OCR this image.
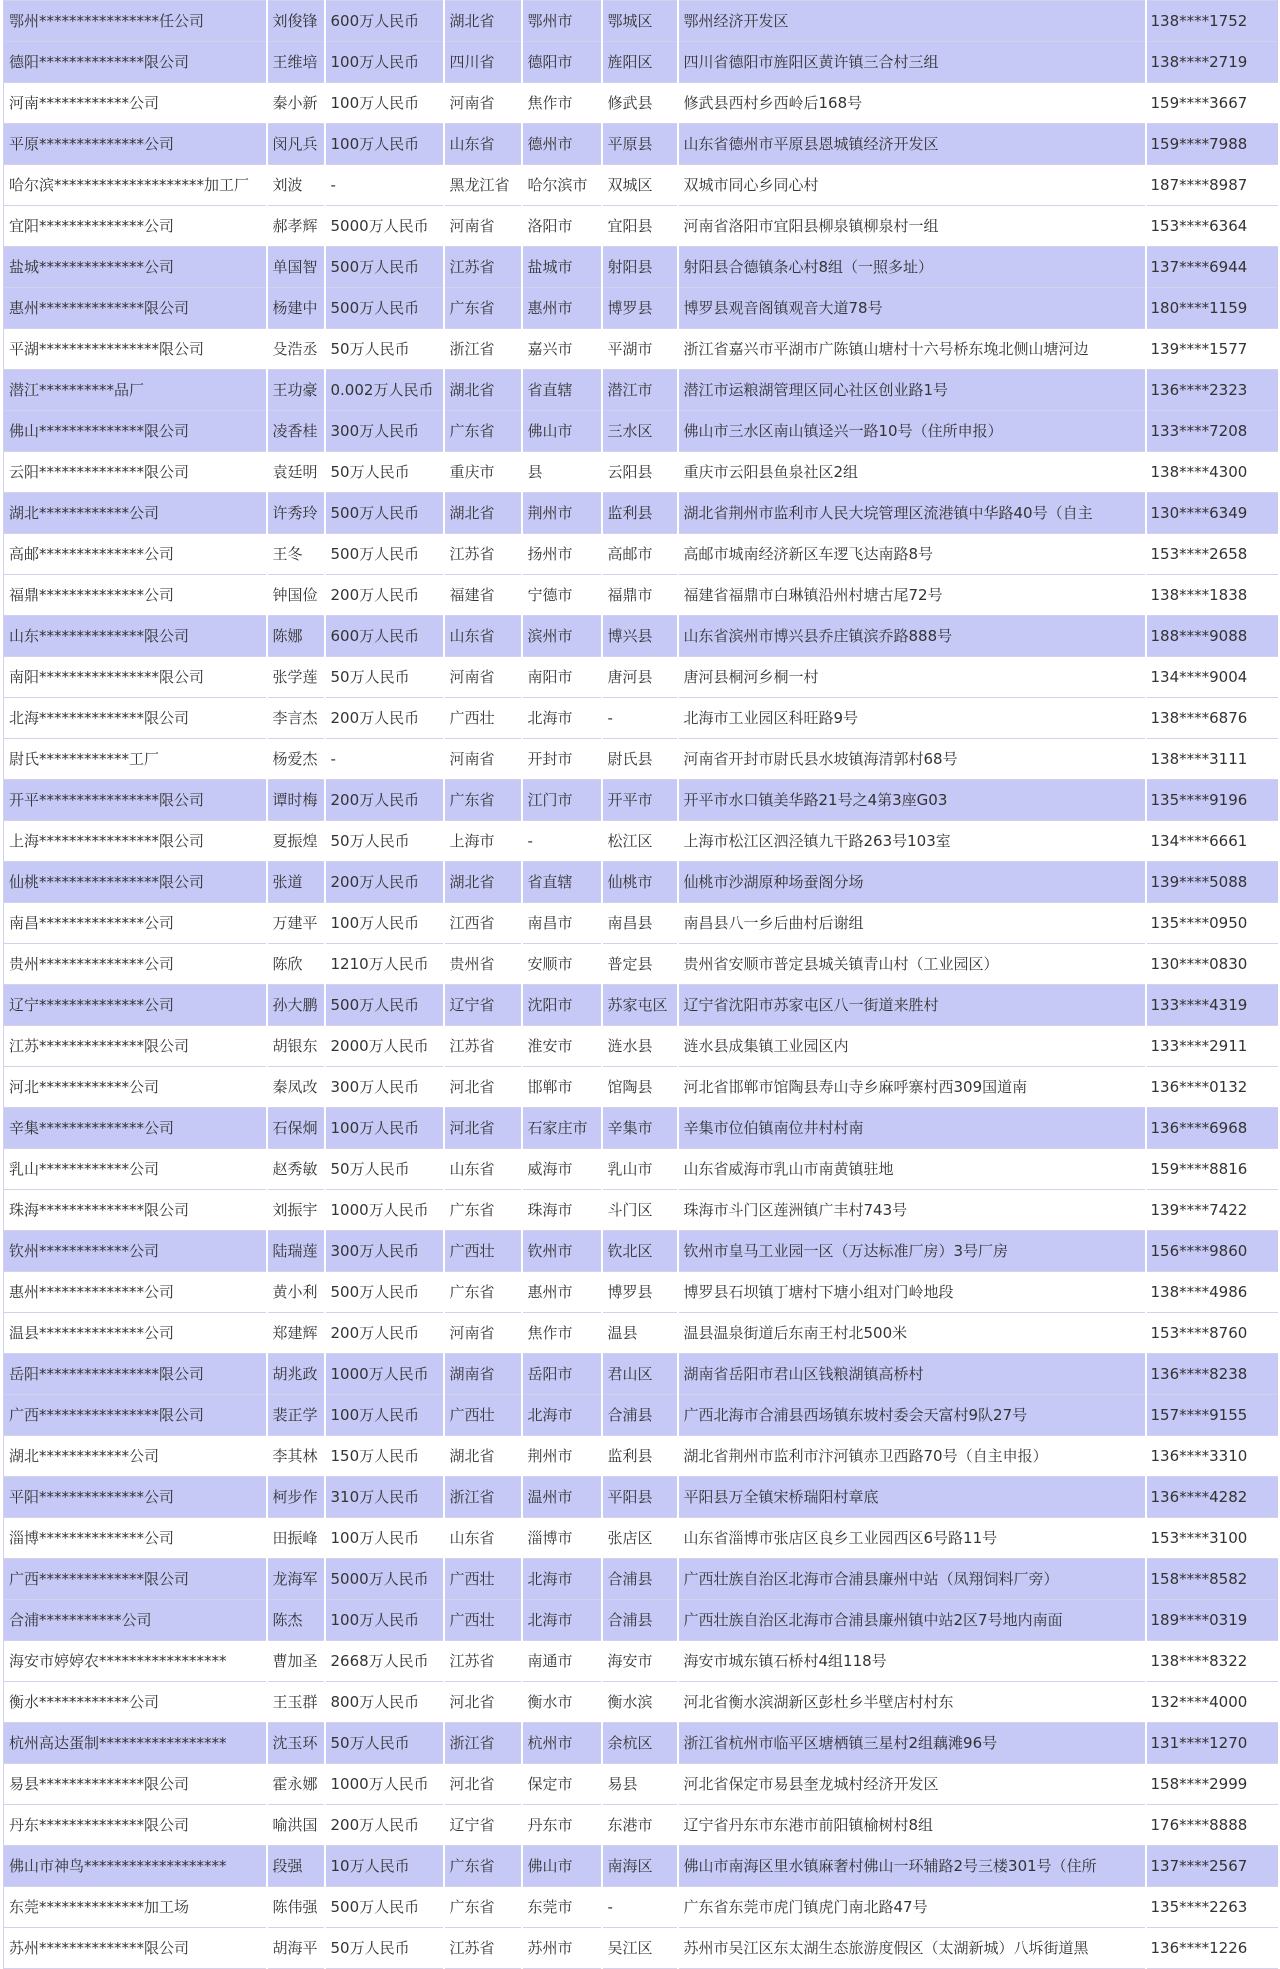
鄂州****************任公司	刘俊锋	600万人民币	湖北省	鄂州市	鄂城区	鄂州经济开发区	138****1752
德阳**************限公司	王维培	100万人民币	四川省	德阳市	旌阳区	四川省德阳市旌阳区黄许镇三合村三组	138****2719
河南************公司	秦小新	100万人民币	河南省	焦作市	修武县	修武县西村乡西岭后168号	159****3667
平原**************公司	闵凡兵	100万人民币	山东省	德州市	平原县	山东省德州市平原县恩城镇经济开发区	159****7988
哈尔滨********************加工厂	刘波	-	黑龙江省	哈尔滨市	双城区	双城市同心乡同心村	187****8987
宜阳**************公司	郝孝辉	5000万人民币	河南省	洛阳市	宜阳县	河南省洛阳市宜阳县柳泉镇柳泉村一组	153****6364
盐城**************公司	单国智	500万人民币	江苏省	盐城市	射阳县	射阳县合德镇条心村8组（一照多址）	137****6944
惠州**************限公司	杨建中	500万人民币	广东省	惠州市	博罗县	博罗县观音阁镇观音大道78号	180****1159
平湖****************限公司	殳浩丞	50万人民币	浙江省	嘉兴市	平湖市	浙江省嘉兴市平湖市广陈镇山塘村十六号桥东堍北侧山塘河边	139****1577
潜江**********品厂	王功豪	0.002万人民币	湖北省	省直辖	潜江市	潜江市运粮湖管理区同心社区创业路1号	136****2323
佛山**************限公司	凌香桂	300万人民币	广东省	佛山市	三水区	佛山市三水区南山镇迳兴一路10号（住所申报）	133****7208
云阳**************限公司	袁廷明	50万人民币	重庆市	县	云阳县	重庆市云阳县鱼泉社区2组	138****4300
湖北************公司	许秀玲	500万人民币	湖北省	荆州市	监利县	湖北省荆州市监利市人民大垸管理区流港镇中华路40号（自主	130****6349
高邮**************公司	王冬	500万人民币	江苏省	扬州市	高邮市	高邮市城南经济新区车逻飞达南路8号	153****2658
福鼎**************公司	钟国俭	200万人民币	福建省	宁德市	福鼎市	福建省福鼎市白琳镇沿州村塘古尾72号	138****1838
山东**************限公司	陈娜	600万人民币	山东省	滨州市	博兴县	山东省滨州市博兴县乔庄镇滨乔路888号	188****9088
南阳****************限公司	张学莲	50万人民币	河南省	南阳市	唐河县	唐河县桐河乡桐一村	134****9004
北海**************限公司	李言杰	200万人民币	广西壮	北海市	-	北海市工业园区科旺路9号	138****6876
尉氏************工厂	杨爱杰	-	河南省	开封市	尉氏县	河南省开封市尉氏县水坡镇海清郭村68号	138****3111
开平****************限公司	谭时梅	200万人民币	广东省	江门市	开平市	开平市水口镇美华路21号之4第3座G03	135****9196
上海****************限公司	夏振煌	50万人民币	上海市	-	松江区	上海市松江区泗泾镇九干路263号103室	134****6661
仙桃****************限公司	张道	200万人民币	湖北省	省直辖	仙桃市	仙桃市沙湖原种场蚕阁分场	139****5088
南昌**************公司	万建平	100万人民币	江西省	南昌市	南昌县	南昌县八一乡后曲村后谢组	135****0950
贵州**************公司	陈欣	1210万人民币	贵州省	安顺市	普定县	贵州省安顺市普定县城关镇青山村（工业园区）	130****0830
辽宁**************公司	孙大鹏	500万人民币	辽宁省	沈阳市	苏家屯区	辽宁省沈阳市苏家屯区八一街道来胜村	133****4319
江苏**************限公司	胡银东	2000万人民币	江苏省	淮安市	涟水县	涟水县成集镇工业园区内	133****2911
河北************公司	秦凤改	300万人民币	河北省	邯郸市	馆陶县	河北省邯郸市馆陶县寿山寺乡麻呼寨村西309国道南	136****0132
辛集**************公司	石保炯	100万人民币	河北省	石家庄市	辛集市	辛集市位伯镇南位井村村南	136****6968
乳山************公司	赵秀敏	50万人民币	山东省	威海市	乳山市	山东省威海市乳山市南黄镇驻地	159****8816
珠海**************限公司	刘振宇	1000万人民币	广东省	珠海市	斗门区	珠海市斗门区莲洲镇广丰村743号	139****7422
钦州************公司	陆瑞莲	300万人民币	广西壮	钦州市	钦北区	钦州市皇马工业园一区（万达标准厂房）3号厂房	156****9860
惠州**************公司	黄小利	500万人民币	广东省	惠州市	博罗县	博罗县石坝镇丁塘村下塘小组对门岭地段	138****4986
温县**************公司	郑建辉	200万人民币	河南省	焦作市	温县	温县温泉街道后东南王村北500米	153****8760
岳阳****************限公司	胡兆政	1000万人民币	湖南省	岳阳市	君山区	湖南省岳阳市君山区钱粮湖镇高桥村	136****8238
广西****************限公司	裴正学	100万人民币	广西壮	北海市	合浦县	广西北海市合浦县西场镇东坡村委会天富村9队27号	157****9155
湖北************公司	李其林	150万人民币	湖北省	荆州市	监利县	湖北省荆州市监利市汴河镇赤卫西路70号（自主申报）	136****3310
平阳**************公司	柯步作	310万人民币	浙江省	温州市	平阳县	平阳县万全镇宋桥瑞阳村章底	136****4282
淄博**************公司	田振峰	100万人民币	山东省	淄博市	张店区	山东省淄博市张店区良乡工业园西区6号路11号	153****3100
广西**************限公司	龙海军	5000万人民币	广西壮	北海市	合浦县	广西壮族自治区北海市合浦县廉州中站（凤翔饲料厂旁）	158****8582
合浦***********公司	陈杰	100万人民币	广西壮	北海市	合浦县	广西壮族自治区北海市合浦县廉州镇中站2区7号地内南面	189****0319
海安市婷婷农*****************	曹加圣	2668万人民币	江苏省	南通市	海安市	海安市城东镇石桥村4组118号	138****8322
衡水************公司	王玉群	800万人民币	河北省	衡水市	衡水滨	河北省衡水滨湖新区彭杜乡半壁店村村东	132****4000
杭州高达蛋制*****************	沈玉环	50万人民币	浙江省	杭州市	余杭区	浙江省杭州市临平区塘栖镇三星村2组藕滩96号	131****1270
易县**************限公司	霍永娜	1000万人民币	河北省	保定市	易县	河北省保定市易县奎龙城村经济开发区	158****2999
丹东**************限公司	喻洪国	200万人民币	辽宁省	丹东市	东港市	辽宁省丹东市东港市前阳镇榆树村8组	176****8888
佛山市神鸟*******************	段强	10万人民币	广东省	佛山市	南海区	佛山市南海区里水镇麻奢村佛山一环辅路2号三楼301号（住所	137****2567
东莞**************加工场	陈伟强	500万人民币	广东省	东莞市	-	广东省东莞市虎门镇虎门南北路47号	135****2263
苏州**************限公司	胡海平	50万人民币	江苏省	苏州市	吴江区	苏州市吴江区东太湖生态旅游度假区（太湖新城）八坼街道黑	136****1226
